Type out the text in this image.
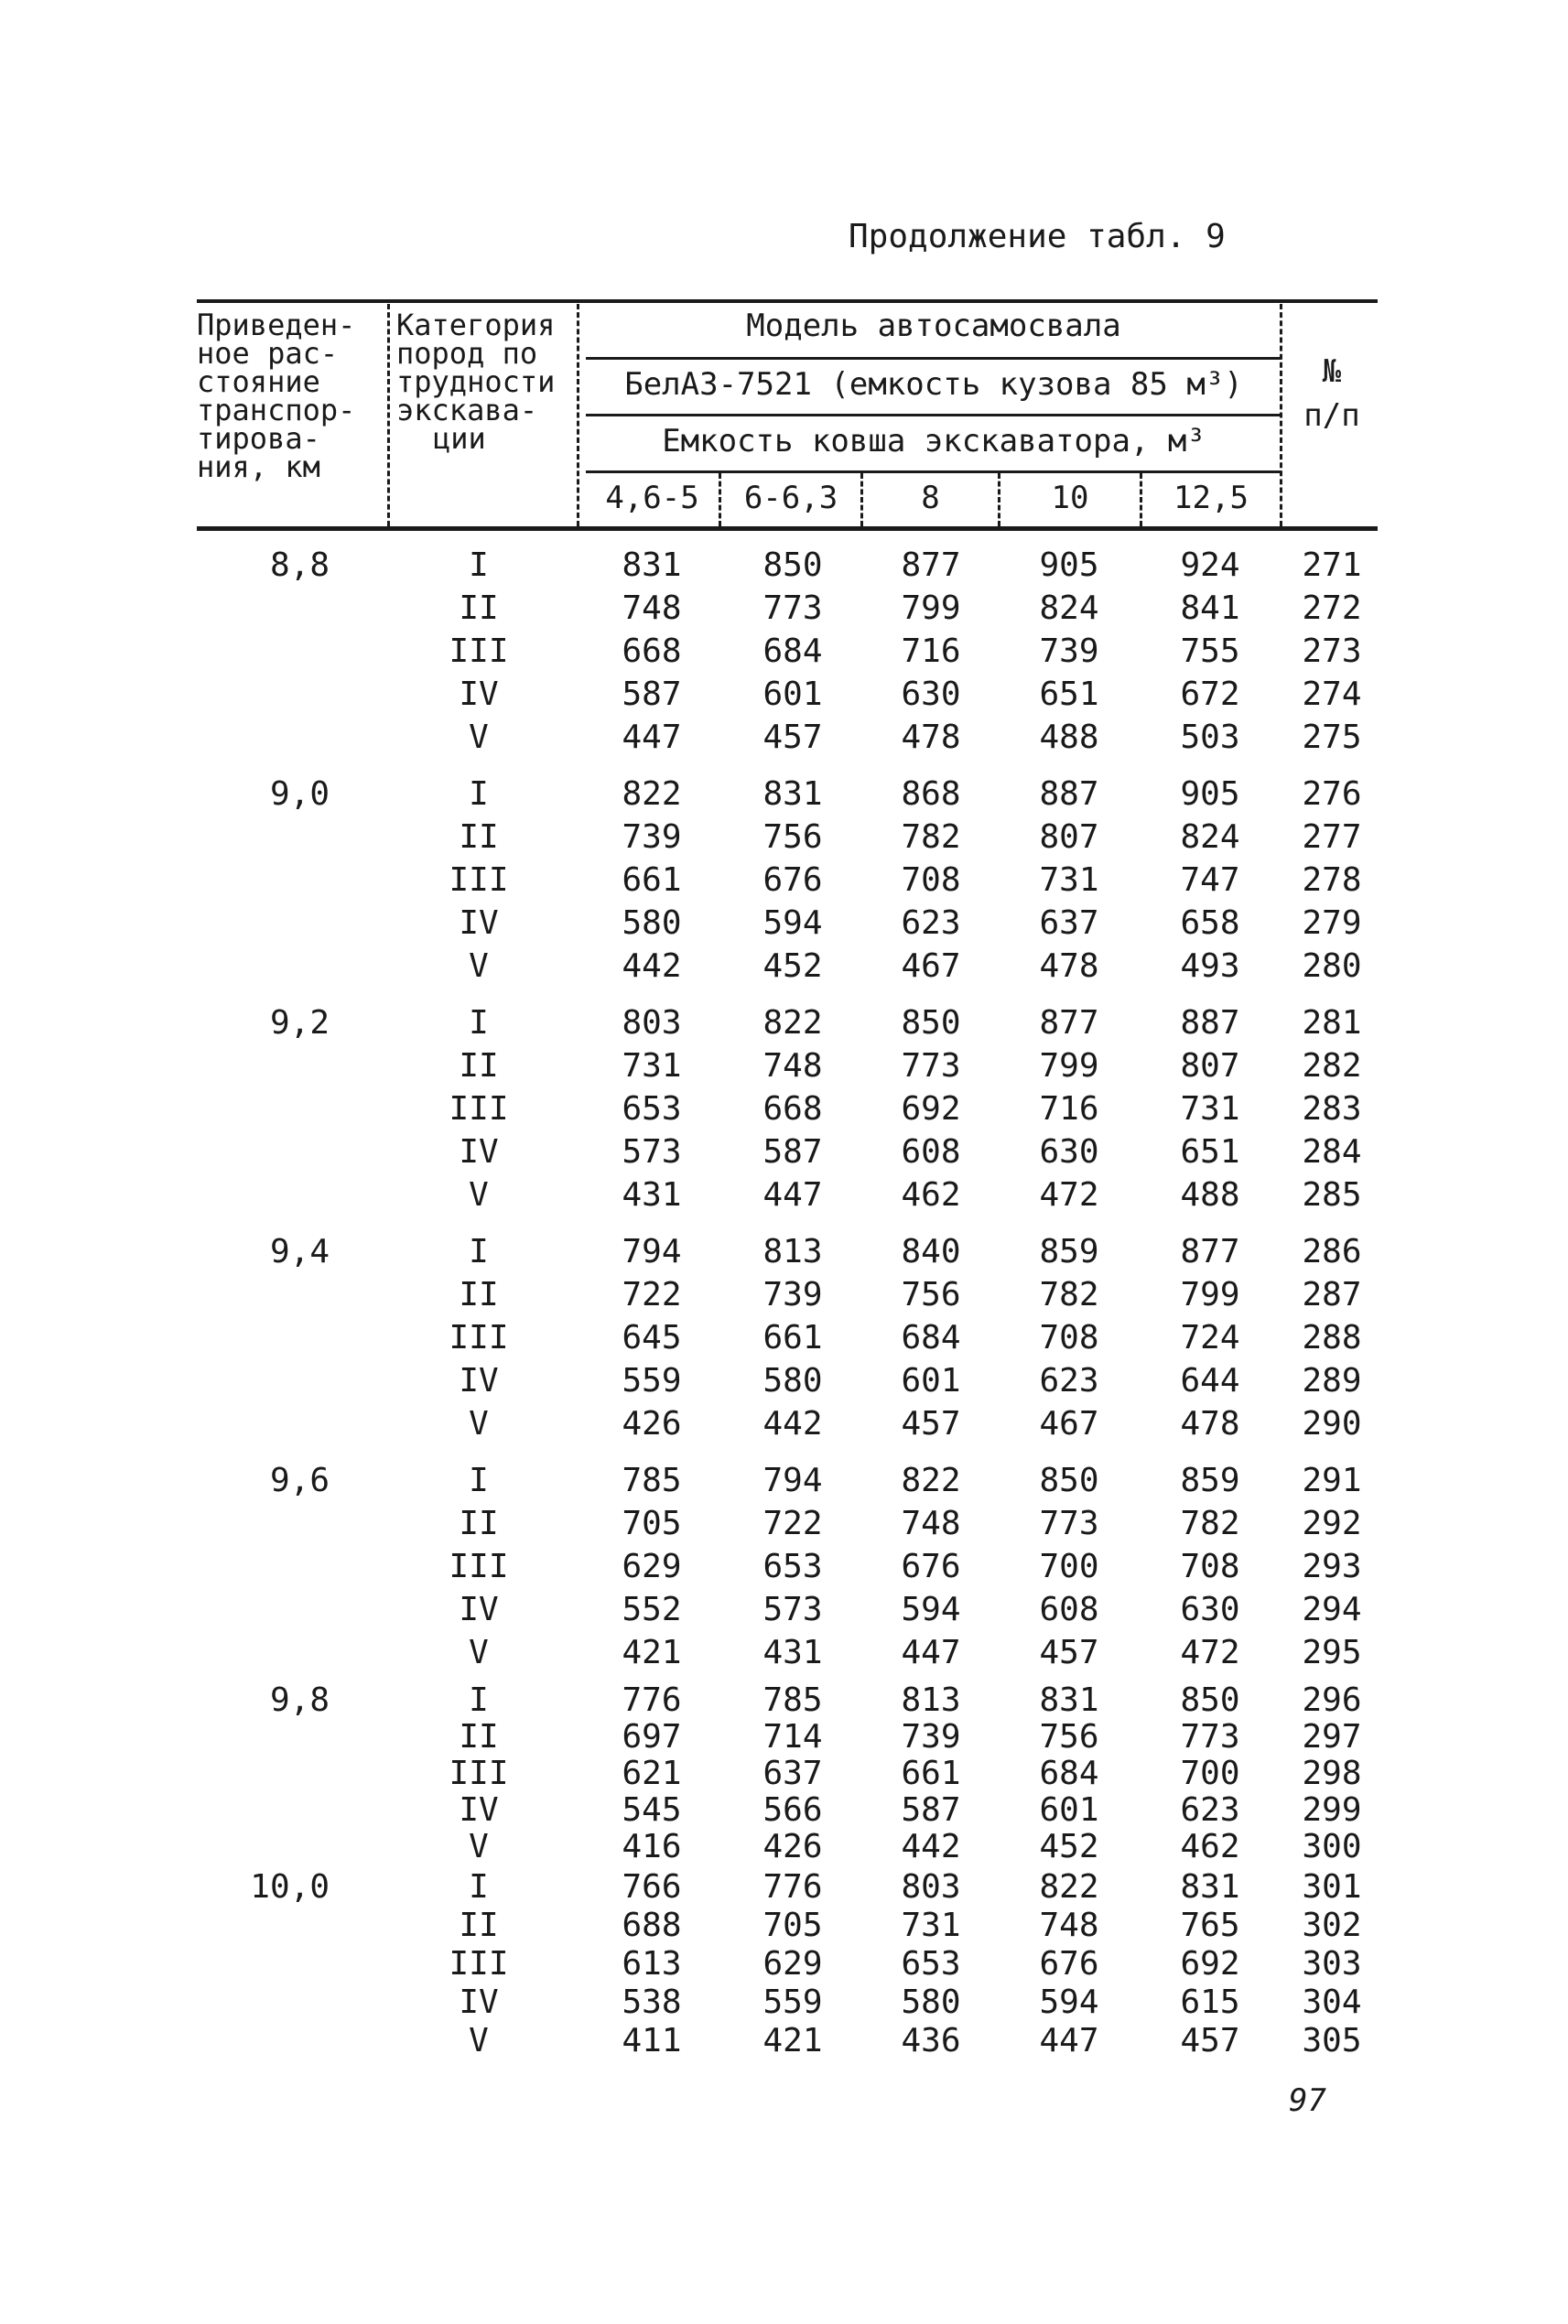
Продолжение табл. 9
Приведен-
ное рас-
стояние
транспор-
тирова-
ния, км
Категория
пород по
трудности
экскава-
ции
Модель автосамосвала
БелАЗ-7521 (емкость кузова 85 м³)
Емкость ковша экскаватора, м³
4,6-5	6-6,3	8	10	12,5
№
п/п
8,8	I	831	850	877	905	924	271
II	748	773	799	824	841	272
III	668	684	716	739	755	273
IV	587	601	630	651	672	274
V	447	457	478	488	503	275
9,0	I	822	831	868	887	905	276
II	739	756	782	807	824	277
III	661	676	708	731	747	278
IV	580	594	623	637	658	279
V	442	452	467	478	493	280
9,2	I	803	822	850	877	887	281
II	731	748	773	799	807	282
III	653	668	692	716	731	283
IV	573	587	608	630	651	284
V	431	447	462	472	488	285
9,4	I	794	813	840	859	877	286
II	722	739	756	782	799	287
III	645	661	684	708	724	288
IV	559	580	601	623	644	289
V	426	442	457	467	478	290
9,6	I	785	794	822	850	859	291
II	705	722	748	773	782	292
III	629	653	676	700	708	293
IV	552	573	594	608	630	294
V	421	431	447	457	472	295
9,8	I	776	785	813	831	850	296
II	697	714	739	756	773	297
III	621	637	661	684	700	298
IV	545	566	587	601	623	299
V	416	426	442	452	462	300
10,0	I	766	776	803	822	831	301
II	688	705	731	748	765	302
III	613	629	653	676	692	303
IV	538	559	580	594	615	304
V	411	421	436	447	457	305
97
